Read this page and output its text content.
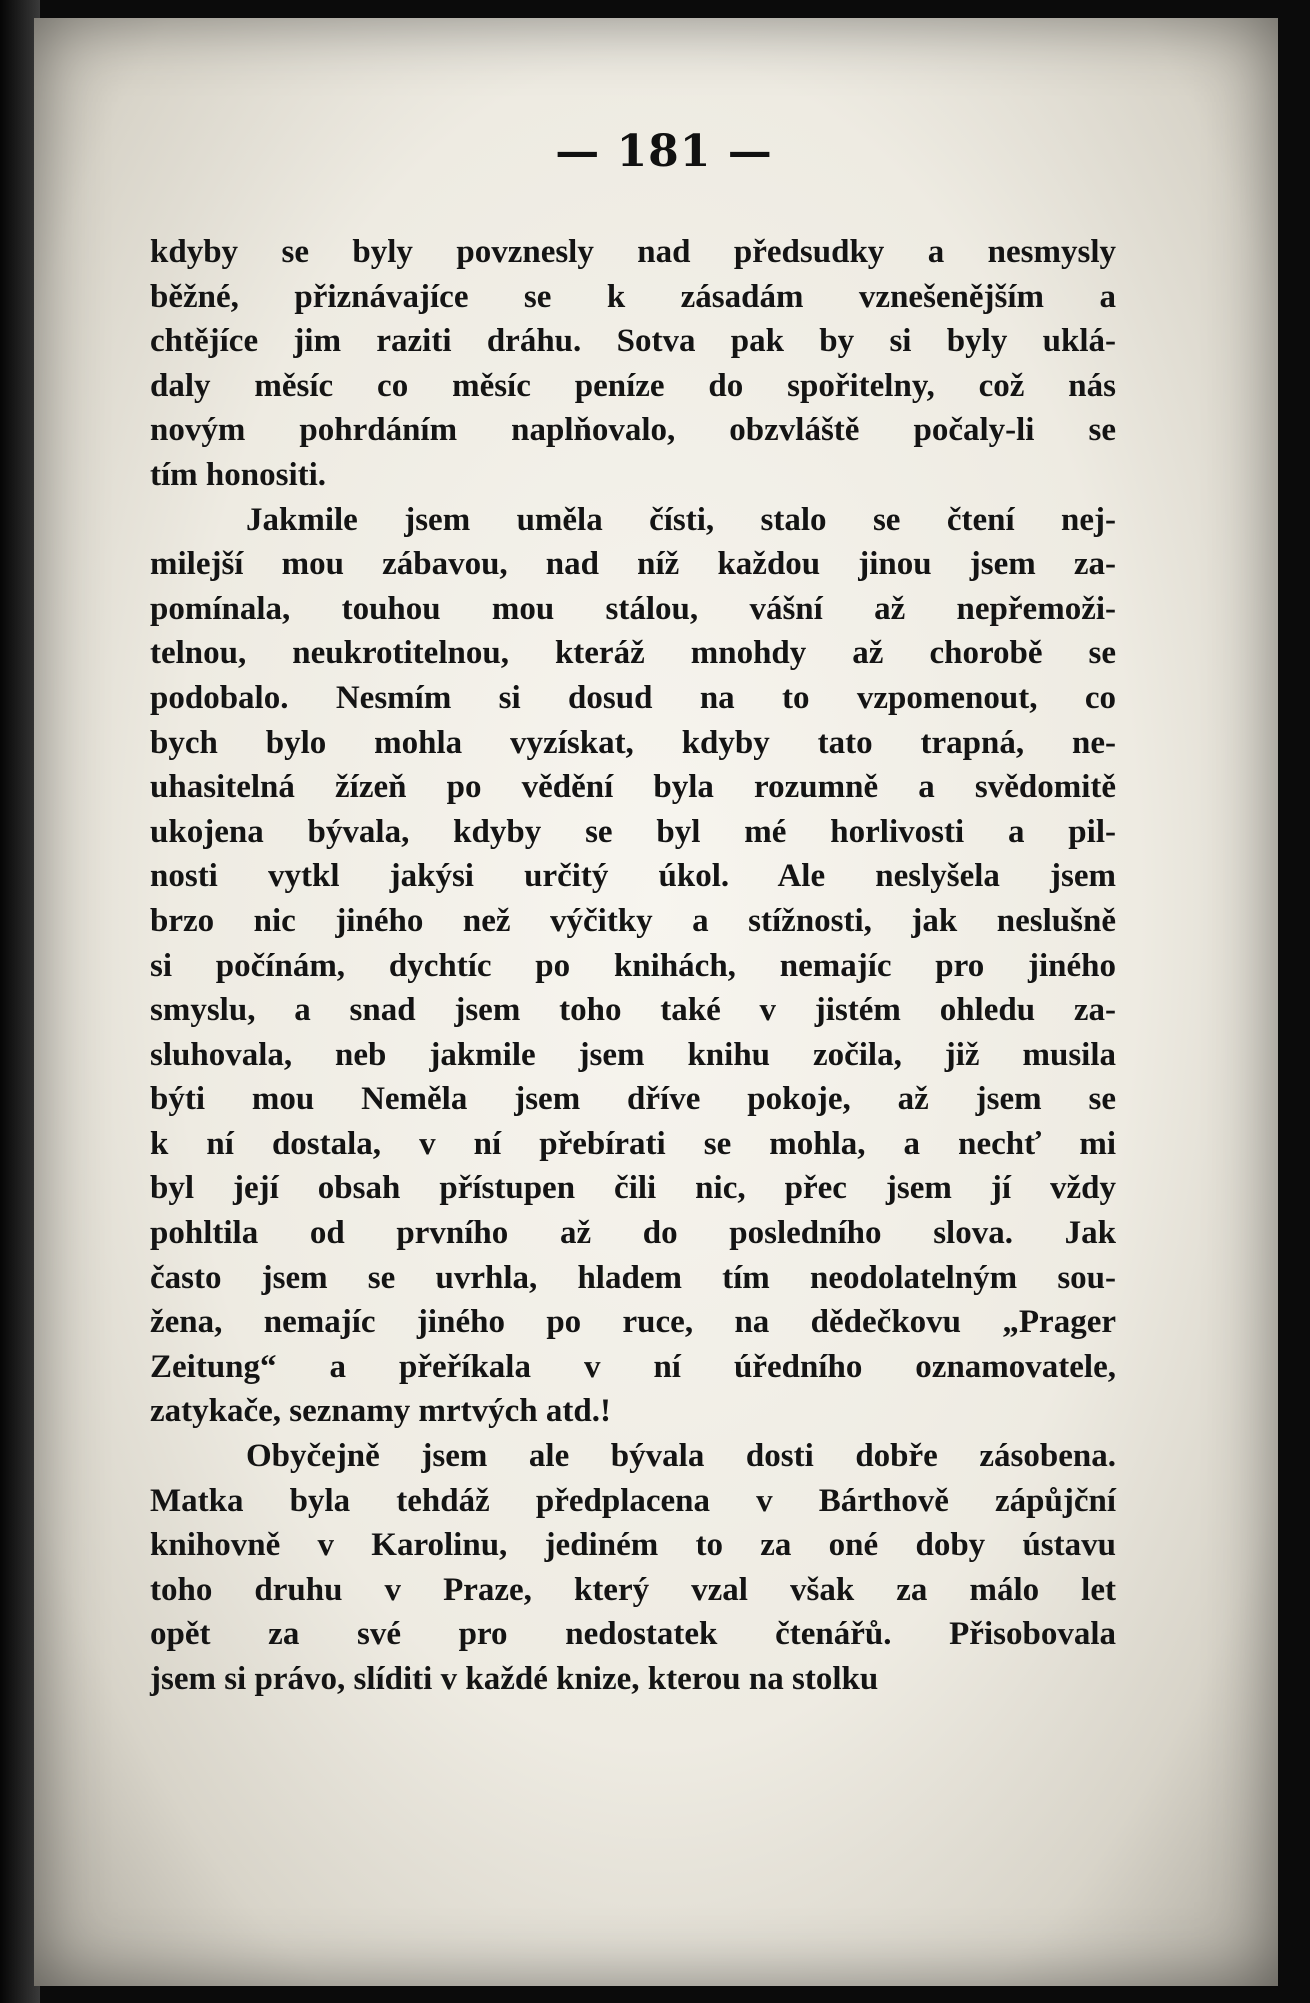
— 181 —
kdyby se byly povznesly nad předsudky a nesmysly
běžné, přiznávajíce se k zásadám vznešenějším a
chtějíce jim raziti dráhu. Sotva pak by si byly uklá-
daly měsíc co měsíc peníze do spořitelny, což nás
novým pohrdáním naplňovalo, obzvláště počaly-li se
tím honositi.
Jakmile jsem uměla čísti, stalo se čtení nej-
milejší mou zábavou, nad níž každou jinou jsem za-
pomínala, touhou mou stálou, vášní až nepřemoži-
telnou, neukrotitelnou, kteráž mnohdy až chorobě se
podobalo. Nesmím si dosud na to vzpomenout, co
bych bylo mohla vyzískat, kdyby tato trapná, ne-
uhasitelná žízeň po vědění byla rozumně a svědomitě
ukojena bývala, kdyby se byl mé horlivosti a pil-
nosti vytkl jakýsi určitý úkol. Ale neslyšela jsem
brzo nic jiného než výčitky a stížnosti, jak neslušně
si počínám, dychtíc po knihách, nemajíc pro jiného
smyslu, a snad jsem toho také v jistém ohledu za-
sluhovala, neb jakmile jsem knihu zočila, již musila
býti mou Neměla jsem dříve pokoje, až jsem se
k ní dostala, v ní přebírati se mohla, a nechť mi
byl její obsah přístupen čili nic, přec jsem jí vždy
pohltila od prvního až do posledního slova. Jak
často jsem se uvrhla, hladem tím neodolatelným sou-
žena, nemajíc jiného po ruce, na dědečkovu „Prager
Zeitung“ a přeříkala v ní úředního oznamovatele,
zatykače, seznamy mrtvých atd.!
Obyčejně jsem ale bývala dosti dobře zásobena.
Matka byla tehdáž předplacena v Bárthově zápůjční
knihovně v Karolinu, jediném to za oné doby ústavu
toho druhu v Praze, který vzal však za málo let
opět za své pro nedostatek čtenářů. Přisobovala
jsem si právo, slíditi v každé knize, kterou na stolku
